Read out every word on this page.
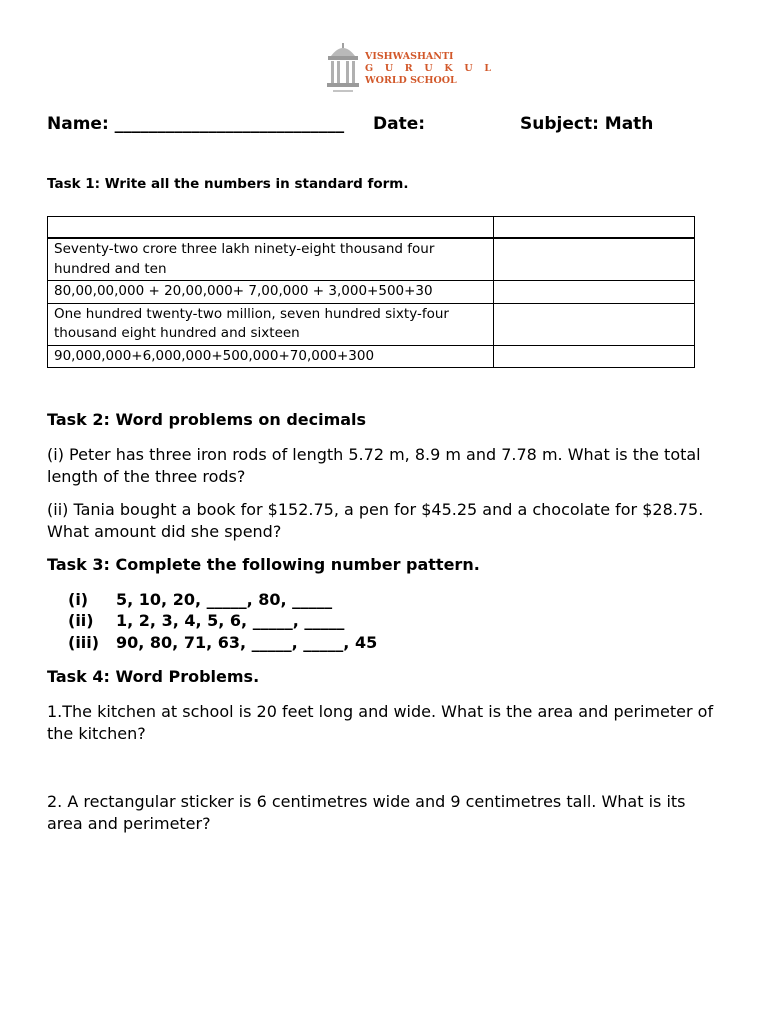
VISHWASHANTI
G U R U K U L
WORLD SCHOOL
Name: ___________________________ Date:	Subject: Math
Task 1: Write all the numbers in standard form.

Seventy-two crore three lakh ninety-eight thousand four hundred and ten	
80,00,00,000 + 20,00,000+ 7,00,000 + 3,000+500+30	
One hundred twenty-two million, seven hundred sixty-four thousand eight hundred and sixteen	
90,000,000+6,000,000+500,000+70,000+300	
Task 2: Word problems on decimals
(i) Peter has three iron rods of length 5.72 m, 8.9 m and 7.78 m. What is the total length of the three rods?
(ii) Tania bought a book for $152.75, a pen for $45.25 and a chocolate for $28.75. What amount did she spend?
Task 3: Complete the following number pattern.
(i) 5, 10, 20, _____, 80, _____
(ii) 1, 2, 3, 4, 5, 6, _____, _____
(iii) 90, 80, 71, 63, _____, _____, 45
Task 4: Word Problems.
1.The kitchen at school is 20 feet long and wide. What is the area and perimeter of the kitchen?
2. A rectangular sticker is 6 centimetres wide and 9 centimetres tall. What is its area and perimeter?
